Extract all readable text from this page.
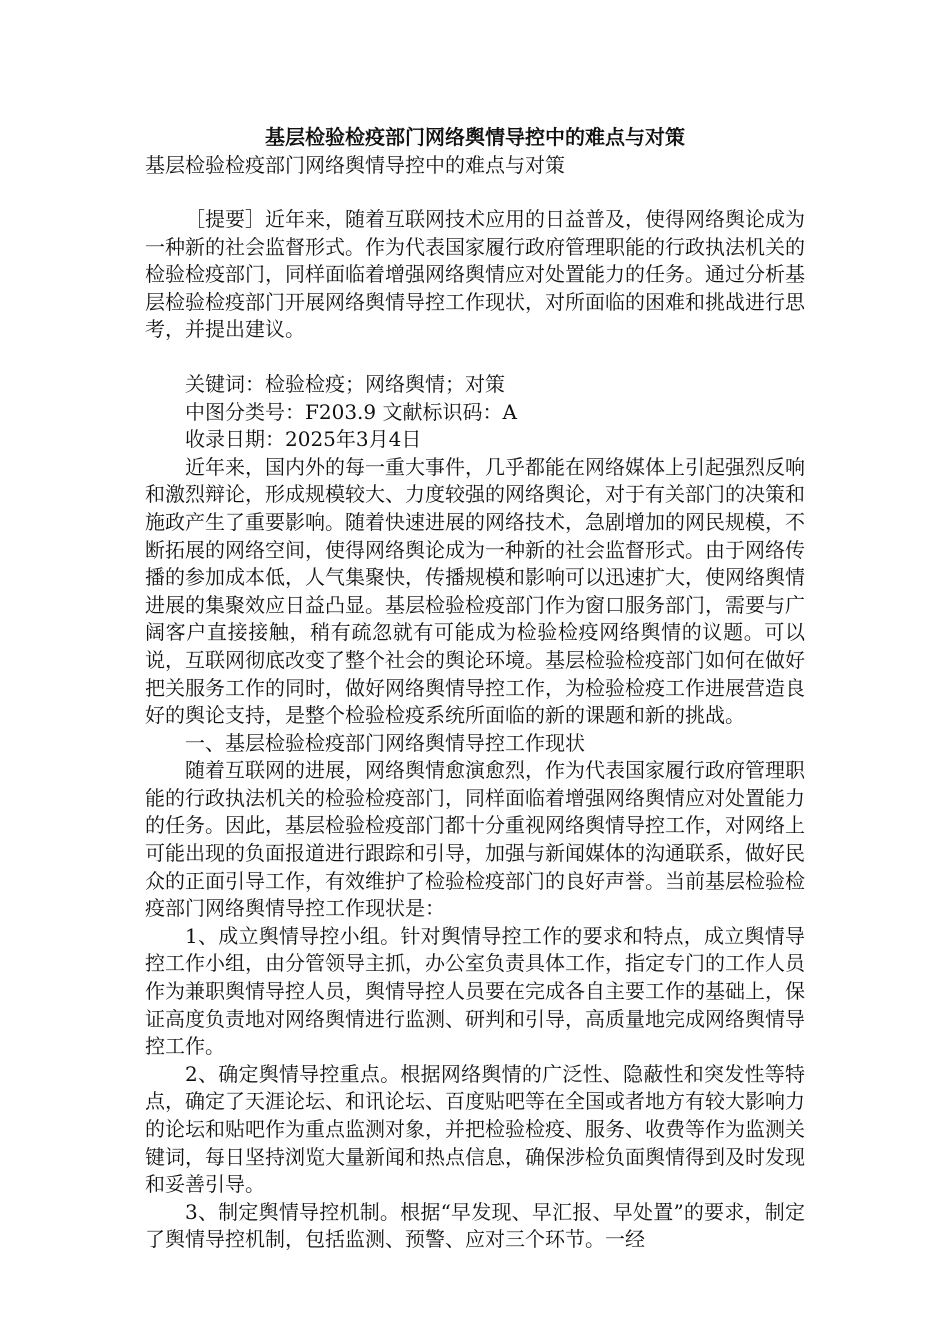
基层检验检疫部门网络舆情导控中的难点与对策
基层检验检疫部门网络舆情导控中的难点与对策

［提要］近年来，随着互联网技术应用的日益普及，使得网络舆论成为一种新的社会监督形式。作为代表国家履行政府管理职能的行政执法机关的检验检疫部门，同样面临着增强网络舆情应对处置能力的任务。通过分析基层检验检疫部门开展网络舆情导控工作现状，对所面临的困难和挑战进行思考，并提出建议。

关键词：检验检疫；网络舆情；对策

中图分类号：F203.9 文献标识码：A

收录日期：2025年3月4日

近年来，国内外的每一重大事件，几乎都能在网络媒体上引起强烈反响和激烈辩论，形成规模较大、力度较强的网络舆论，对于有关部门的决策和施政产生了重要影响。随着快速进展的网络技术，急剧增加的网民规模，不断拓展的网络空间，使得网络舆论成为一种新的社会监督形式。由于网络传播的参加成本低，人气集聚快，传播规模和影响可以迅速扩大，使网络舆情进展的集聚效应日益凸显。基层检验检疫部门作为窗口服务部门，需要与广阔客户直接接触，稍有疏忽就有可能成为检验检疫网络舆情的议题。可以说，互联网彻底改变了整个社会的舆论环境。基层检验检疫部门如何在做好把关服务工作的同时，做好网络舆情导控工作，为检验检疫工作进展营造良好的舆论支持，是整个检验检疫系统所面临的新的课题和新的挑战。

一、基层检验检疫部门网络舆情导控工作现状

随着互联网的进展，网络舆情愈演愈烈，作为代表国家履行政府管理职能的行政执法机关的检验检疫部门，同样面临着增强网络舆情应对处置能力的任务。因此，基层检验检疫部门都十分重视网络舆情导控工作，对网络上可能出现的负面报道进行跟踪和引导，加强与新闻媒体的沟通联系，做好民众的正面引导工作，有效维护了检验检疫部门的良好声誉。当前基层检验检疫部门网络舆情导控工作现状是：

1、成立舆情导控小组。针对舆情导控工作的要求和特点，成立舆情导控工作小组，由分管领导主抓，办公室负责具体工作，指定专门的工作人员作为兼职舆情导控人员，舆情导控人员要在完成各自主要工作的基础上，保证高度负责地对网络舆情进行监测、研判和引导，高质量地完成网络舆情导控工作。

2、确定舆情导控重点。根据网络舆情的广泛性、隐蔽性和突发性等特点，确定了天涯论坛、和讯论坛、百度贴吧等在全国或者地方有较大影响力的论坛和贴吧作为重点监测对象，并把检验检疫、服务、收费等作为监测关键词，每日坚持浏览大量新闻和热点信息，确保涉检负面舆情得到及时发现和妥善引导。

3、制定舆情导控机制。根据“早发现、早汇报、早处置”的要求，制定了舆情导控机制，包括监测、预警、应对三个环节。一经
